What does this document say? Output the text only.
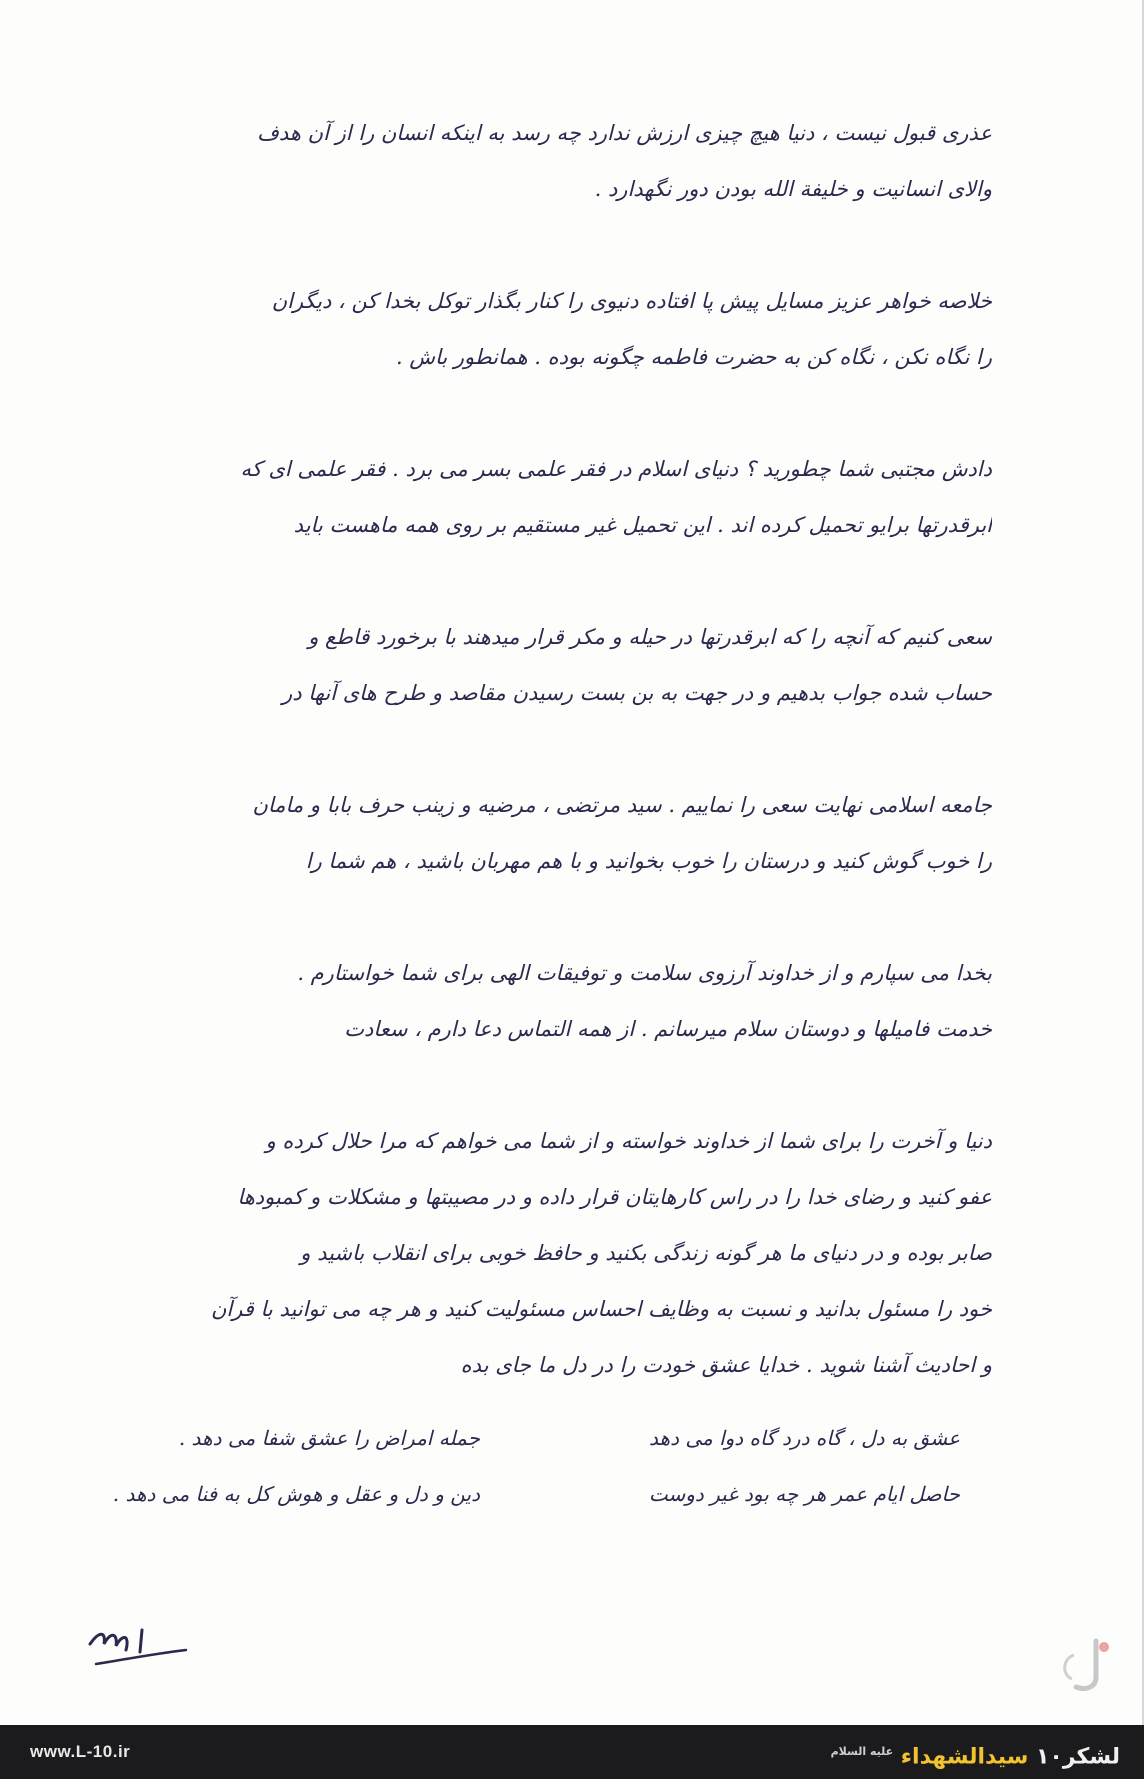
عذری قبول نیست ، دنیا هیچ چیزی ارزش ندارد چه رسد به اینکه انسان را از آن هدف
والای انسانیت و خلیفة الله بودن دور نگهدارد .
خلاصه خواهر عزیز مسایل پیش پا افتاده دنیوی را کنار بگذار توکل بخدا کن ، دیگران
را نگاه نکن ، نگاه کن به حضرت فاطمه چگونه بوده . همانطور باش .
دادش مجتبی شما چطورید ؟ دنیای اسلام در فقر علمی بسر می برد . فقر علمی ای که
ابرقدرتها برایو تحمیل کرده اند . این تحمیل غیر مستقیم بر روی همه ماهست باید
سعی کنیم که آنچه را که ابرقدرتها در حیله و مکر قرار میدهند با برخورد قاطع و
حساب شده جواب بدهیم و در جهت به بن بست رسیدن مقاصد و طرح های آنها در
جامعه اسلامی نهایت سعی را نماییم . سید مرتضی ، مرضیه و زینب حرف بابا و مامان
را خوب گوش کنید و درستان را خوب بخوانید و با هم مهربان باشید ، هم شما را
بخدا می سپارم و از خداوند آرزوی سلامت و توفیقات الهی برای شما خواستارم .
خدمت فامیلها و دوستان سلام میرسانم . از همه التماس دعا دارم ، سعادت
دنیا و آخرت را برای شما از خداوند خواسته و از شما می خواهم که مرا حلال کرده و
عفو کنید و رضای خدا را در راس کارهایتان قرار داده و در مصیبتها و مشکلات و کمبودها
صابر بوده و در دنیای ما هر گونه زندگی بکنید و حافظ خوبی برای انقلاب باشید و
خود را مسئول بدانید و نسبت به وظایف احساس مسئولیت کنید و هر چه می توانید با قرآن
و احادیث آشنا شوید . خدایا عشق خودت را در دل ما جای بده
عشق به دل ، گاه درد گاه دوا می دهد
جمله امراض را عشق شفا می دهد .
حاصل ایام عمر هر چه بود غیر دوست
دین و دل و عقل و هوش کل به فنا می دهد .
www.L-10.ir	لشکر۱۰ سیدالشهداء $^{علیه السلام}$
